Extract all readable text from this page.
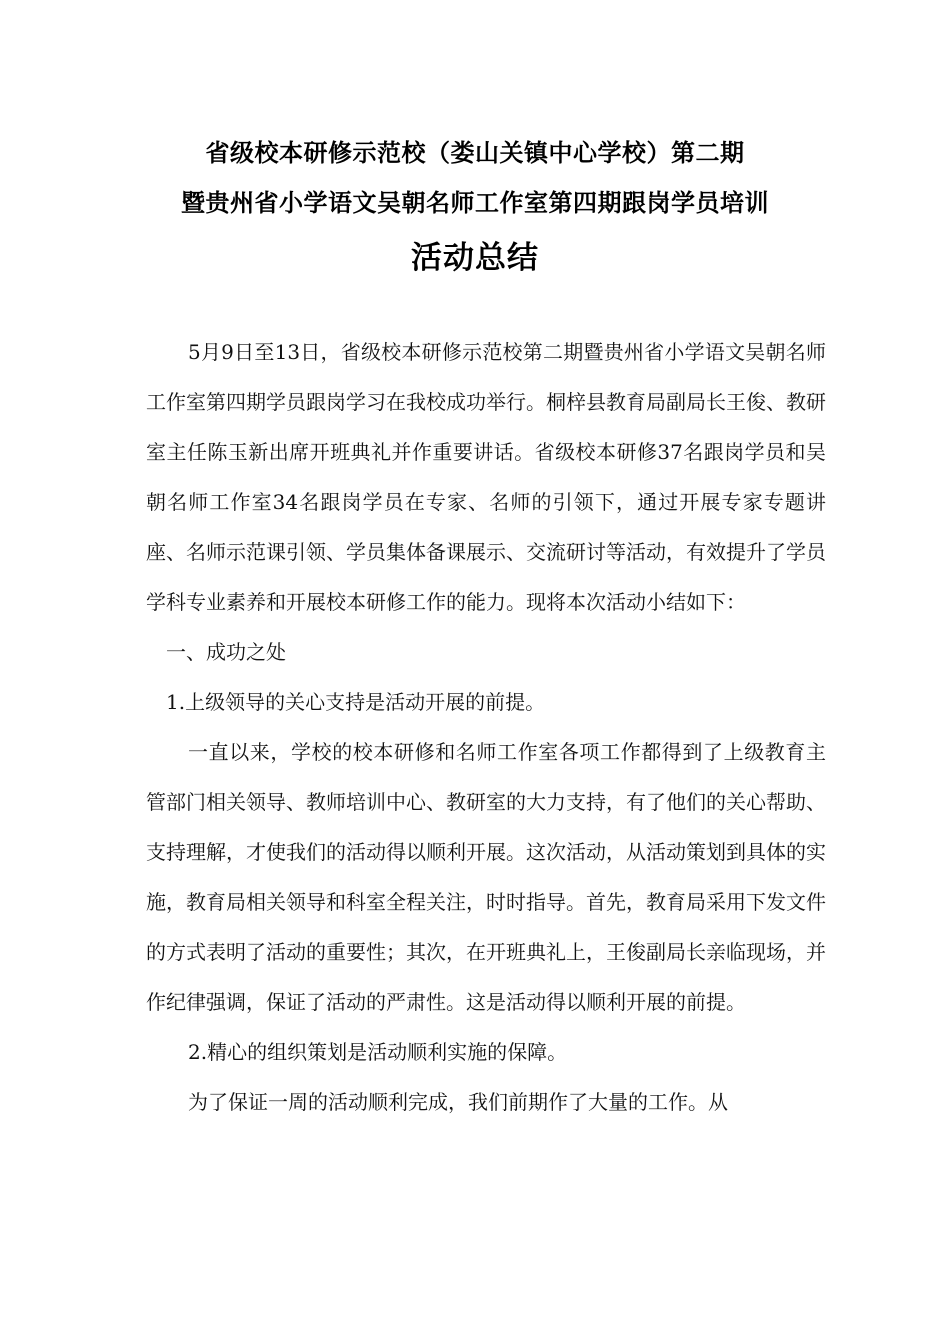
省级校本研修示范校（娄山关镇中心学校）第二期
暨贵州省小学语文吴朝名师工作室第四期跟岗学员培训
活动总结

5月9日至13日，省级校本研修示范校第二期暨贵州省小学语文吴朝名师工作室第四期学员跟岗学习在我校成功举行。桐梓县教育局副局长王俊、教研室主任陈玉新出席开班典礼并作重要讲话。省级校本研修37名跟岗学员和吴朝名师工作室34名跟岗学员在专家、名师的引领下，通过开展专家专题讲座、名师示范课引领、学员集体备课展示、交流研讨等活动，有效提升了学员学科专业素养和开展校本研修工作的能力。现将本次活动小结如下：

一、成功之处

1.上级领导的关心支持是活动开展的前提。

一直以来，学校的校本研修和名师工作室各项工作都得到了上级教育主管部门相关领导、教师培训中心、教研室的大力支持，有了他们的关心帮助、支持理解，才使我们的活动得以顺利开展。这次活动，从活动策划到具体的实施，教育局相关领导和科室全程关注，时时指导。首先，教育局采用下发文件的方式表明了活动的重要性；其次，在开班典礼上，王俊副局长亲临现场，并作纪律强调，保证了活动的严肃性。这是活动得以顺利开展的前提。

2.精心的组织策划是活动顺利实施的保障。

为了保证一周的活动顺利完成，我们前期作了大量的工作。从
